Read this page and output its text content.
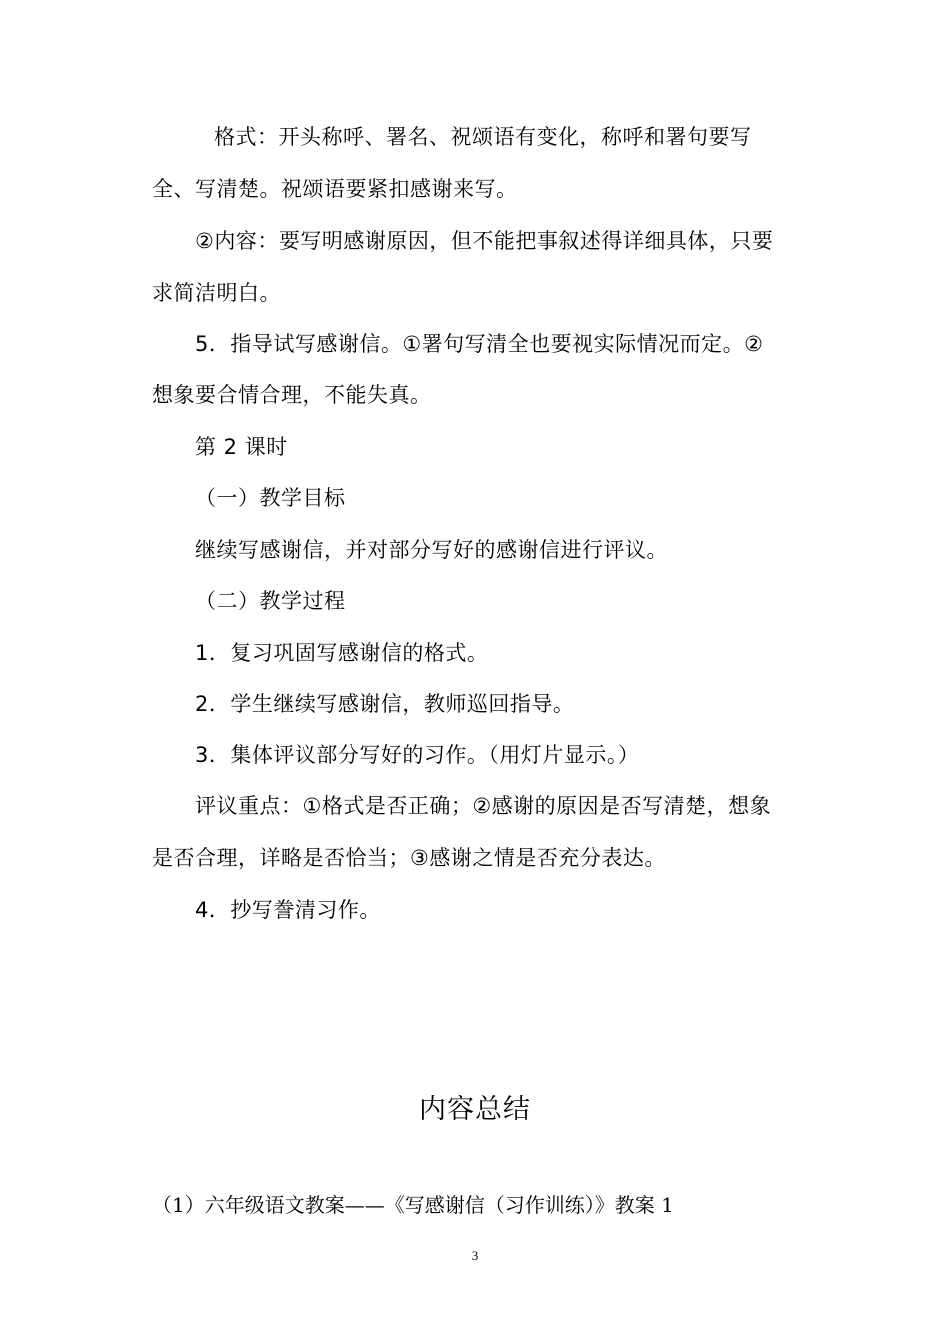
格式：开头称呼、署名、祝颂语有变化，称呼和署句要写
全、写清楚。祝颂语要紧扣感谢来写。
②内容：要写明感谢原因，但不能把事叙述得详细具体，只要
求简洁明白。
5．指导试写感谢信。①署句写清全也要视实际情况而定。②
想象要合情合理，不能失真。
第 2 课时
（一）教学目标
继续写感谢信，并对部分写好的感谢信进行评议。
（二）教学过程
1．复习巩固写感谢信的格式。
2．学生继续写感谢信，教师巡回指导。
3．集体评议部分写好的习作。（用灯片显示。）
评议重点：①格式是否正确；②感谢的原因是否写清楚，想象
是否合理，详略是否恰当；③感谢之情是否充分表达。
4．抄写誊清习作。
内容总结
（1）六年级语文教案——《写感谢信（习作训练）》教案 1
3
